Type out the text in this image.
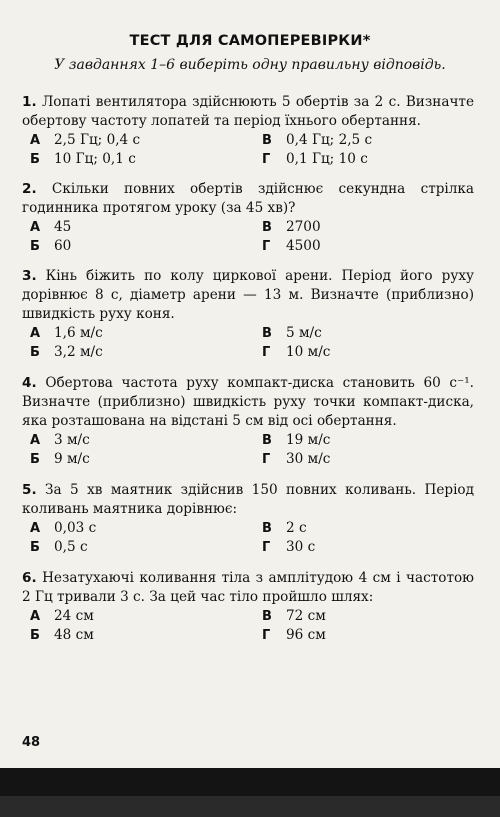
ТЕСТ ДЛЯ САМОПЕРЕВІРКИ*
У завданнях 1–6 виберіть одну правильну відповідь.
1. Лопаті вентилятора здійснюють 5 обертів за 2 с. Визначте обертову частоту лопатей та період їхнього обертання.
А 2,5 Гц; 0,4 с	В 0,4 Гц; 2,5 с
Б 10 Гц; 0,1 с	Г 0,1 Гц; 10 с
2. Скільки повних обертів здійснює секундна стрілка годинника протягом уроку (за 45 хв)?
А 45	В 2700
Б 60	Г 4500
3. Кінь біжить по колу циркової арени. Період його руху дорівнює 8 с, діаметр арени — 13 м. Визначте (приблизно) швидкість руху коня.
А 1,6 м/с	В 5 м/с
Б 3,2 м/с	Г 10 м/с
4. Обертова частота руху компакт-диска становить 60 с⁻¹. Визначте (приблизно) швидкість руху точки компакт-диска, яка розташована на відстані 5 см від осі обертання.
А 3 м/с	В 19 м/с
Б 9 м/с	Г 30 м/с
5. За 5 хв маятник здійснив 150 повних коливань. Період коливань маятника дорівнює:
А 0,03 с	В 2 с
Б 0,5 с	Г 30 с
6. Незатухаючі коливання тіла з амплітудою 4 см і частотою 2 Гц тривали 3 с. За цей час тіло пройшло шлях:
А 24 см	В 72 см
Б 48 см	Г 96 см
48
